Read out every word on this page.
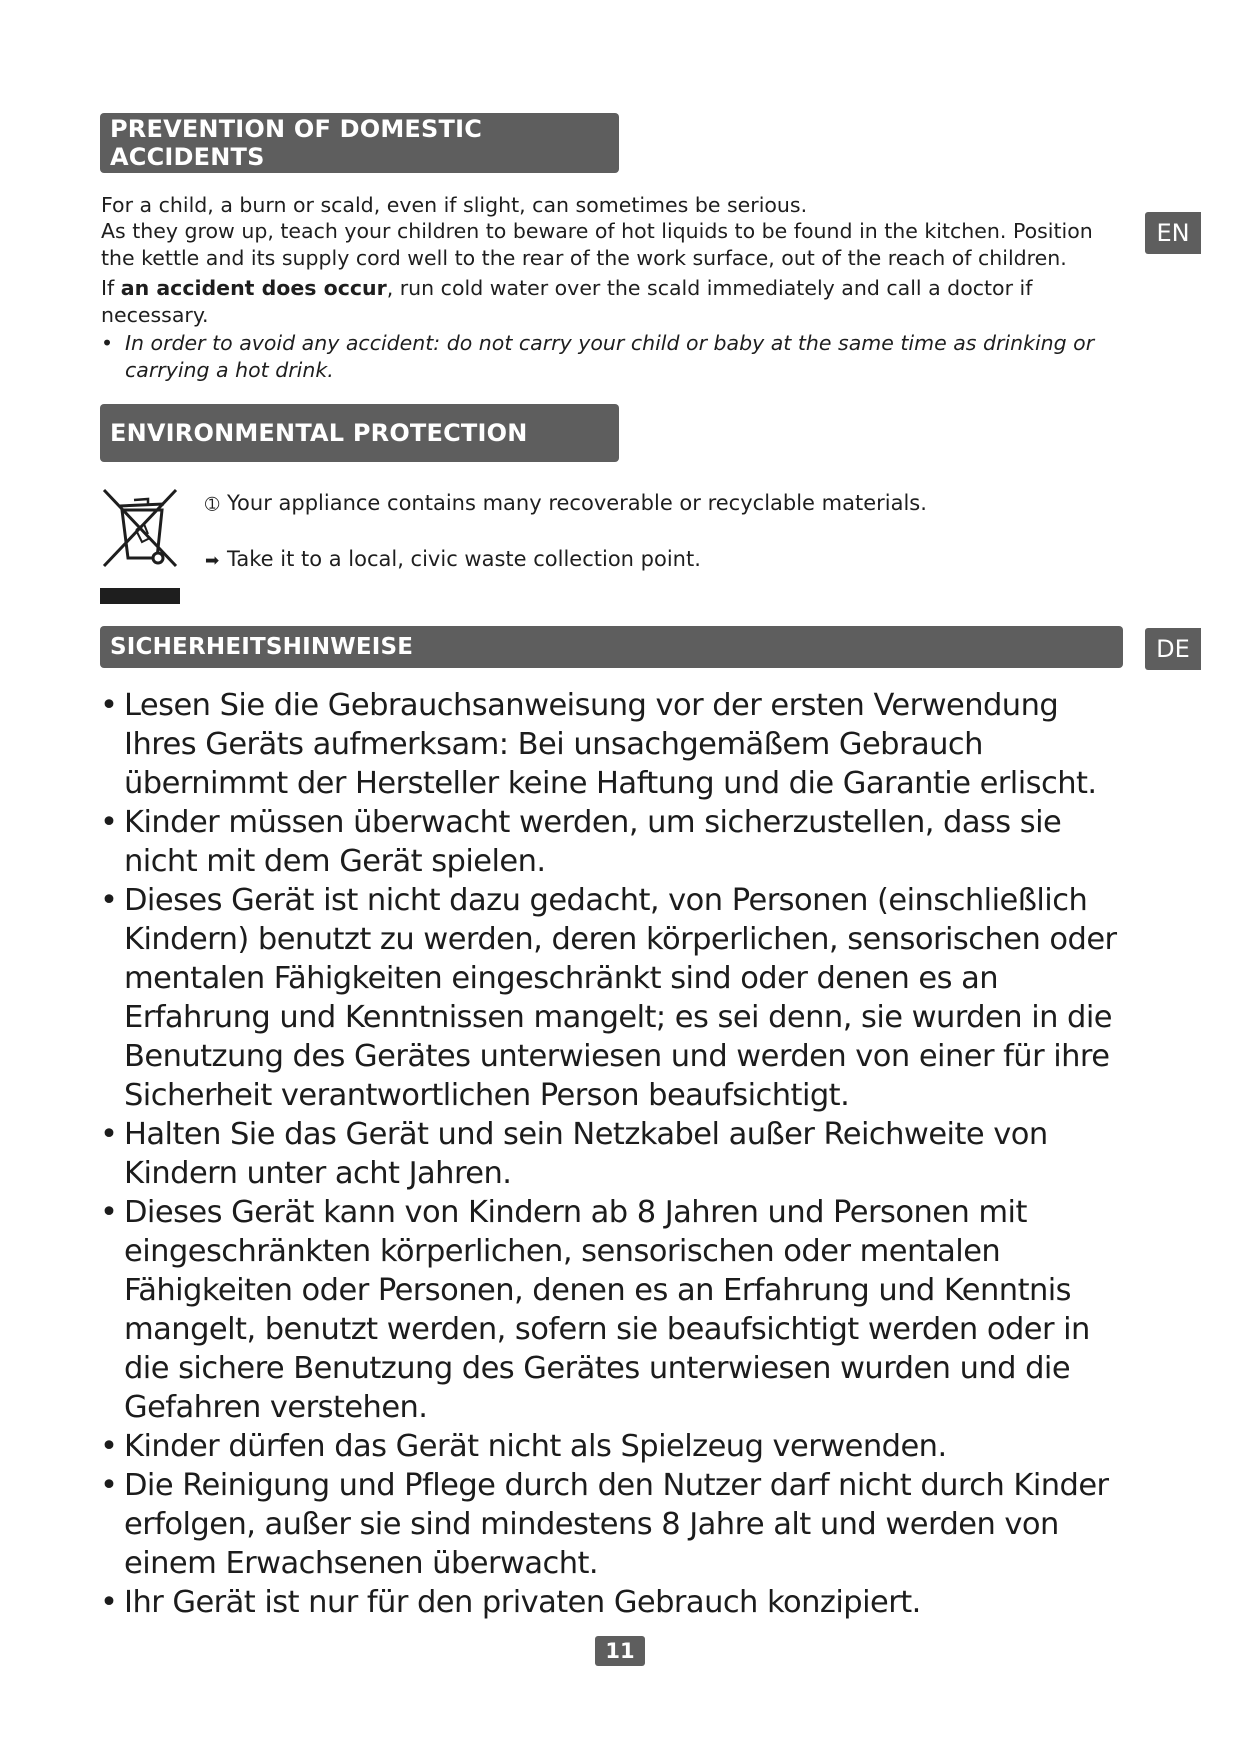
PREVENTION OF DOMESTIC ACCIDENTS
EN

For a child, a burn or scald, even if slight, can sometimes be serious.

As they grow up, teach your children to beware of hot liquids to be found in the kitchen. Position the kettle and its supply cord well to the rear of the work surface, out of the reach of children.

If an accident does occur, run cold water over the scald immediately and call a doctor if necessary.

• In order to avoid any accident: do not carry your child or baby at the same time as drinking or carrying a hot drink.
ENVIRONMENTAL PROTECTION
➀ Your appliance contains many recoverable or recyclable materials.
➡ Take it to a local, civic waste collection point.
SICHERHEITSHINWEISE	DE
• Lesen Sie die Gebrauchsanweisung vor der ersten Verwendung Ihres Geräts aufmerksam: Bei unsachgemäßem Gebrauch übernimmt der Hersteller keine Haftung und die Garantie erlischt.
• Kinder müssen überwacht werden, um sicherzustellen, dass sie nicht mit dem Gerät spielen.
• Dieses Gerät ist nicht dazu gedacht, von Personen (einschließlich Kindern) benutzt zu werden, deren körperlichen, sensorischen oder mentalen Fähigkeiten eingeschränkt sind oder denen es an Erfahrung und Kenntnissen mangelt; es sei denn, sie wurden in die Benutzung des Gerätes unterwiesen und werden von einer für ihre Sicherheit verantwortlichen Person beaufsichtigt.
• Halten Sie das Gerät und sein Netzkabel außer Reichweite von Kindern unter acht Jahren.
• Dieses Gerät kann von Kindern ab 8 Jahren und Personen mit eingeschränkten körperlichen, sensorischen oder mentalen Fähigkeiten oder Personen, denen es an Erfahrung und Kenntnis mangelt, benutzt werden, sofern sie beaufsichtigt werden oder in die sichere Benutzung des Gerätes unterwiesen wurden und die Gefahren verstehen.
• Kinder dürfen das Gerät nicht als Spielzeug verwenden.
• Die Reinigung und Pflege durch den Nutzer darf nicht durch Kinder erfolgen, außer sie sind mindestens 8 Jahre alt und werden von einem Erwachsenen überwacht.
• Ihr Gerät ist nur für den privaten Gebrauch konzipiert.
11
